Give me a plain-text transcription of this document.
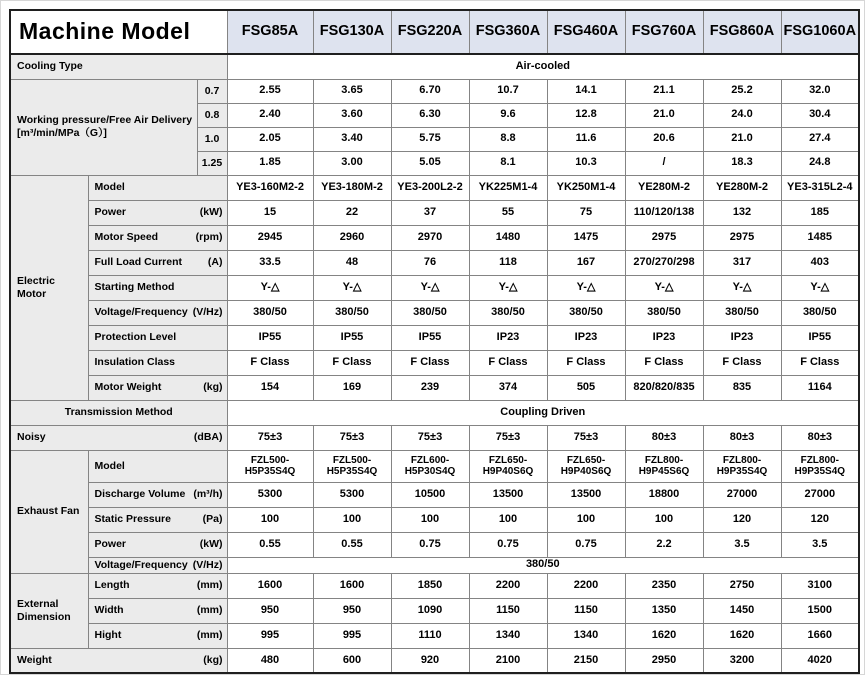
Machine Model			FSG85A	FSG130A	FSG220A	FSG360A	FSG460A	FSG760A	FSG860A	FSG1060A

Cooling Type			Air-cooled							

Working pressure/Free Air Delivery
[m³/min/MPa（G）]		0.7	2.55	3.65	6.70	10.7	14.1	21.1	25.2	32.0
		0.8	2.40	3.60	6.30	9.6	12.8	21.0	24.0	30.4
		1.0	2.05	3.40	5.75	8.8	11.6	20.6	21.0	27.4
		1.25	1.85	3.00	5.05	8.1	10.3	/	18.3	24.8
Electric Motor	Model		YE3-160M2-2	YE3-180M-2	YE3-200L2-2	YK225M1-4	YK250M1-4	YE280M-2	YE280M-2	YE3-315L2-4

	Power (kW)		15	22	37	55	75	110/120/138	132	185

	Motor Speed (rpm)		2945	2960	2970	1480	1475	2975	2975	1485

	Full Load Current (A)		33.5	48	76	118	167	270/270/298	317	403

	Starting Method		Y-△	Y-△	Y-△	Y-△	Y-△	Y-△	Y-△	Y-△

	Voltage/Frequency (V/Hz)		380/50	380/50	380/50	380/50	380/50	380/50	380/50	380/50

	Protection Level		IP55	IP55	IP55	IP23	IP23	IP23	IP23	IP55

	Insulation Class		F Class	F Class	F Class	F Class	F Class	F Class	F Class	F Class

	Motor Weight (kg)		154	169	239	374	505	820/820/835	835	1164
Transmission Method			Coupling Driven							

Noisy (dBA)			75±3	75±3	75±3	75±3	75±3	80±3	80±3	80±3
Exhaust Fan	Model		FZL500-H5P35S4Q	FZL500-H5P35S4Q	FZL600-H5P30S4Q	FZL650-H9P40S6Q	FZL650-H9P40S6Q	FZL800-H9P45S6Q	FZL800-H9P35S4Q	FZL800-H9P35S4Q

	Discharge Volume (m³/h)		5300	5300	10500	13500	13500	18800	27000	27000

	Static Pressure (Pa)		100	100	100	100	100	100	120	120

	Power (kW)		0.55	0.55	0.75	0.75	0.75	2.2	3.5	3.5

	Voltage/Frequency (V/Hz)		380/50							
External Dimension	Length (mm)		1600	1600	1850	2200	2200	2350	2750	3100

	Width (mm)		950	950	1090	1150	1150	1350	1450	1500

	Hight (mm)		995	995	1110	1340	1340	1620	1620	1660

Weight (kg)			480	600	920	2100	2150	2950	3200	4020
